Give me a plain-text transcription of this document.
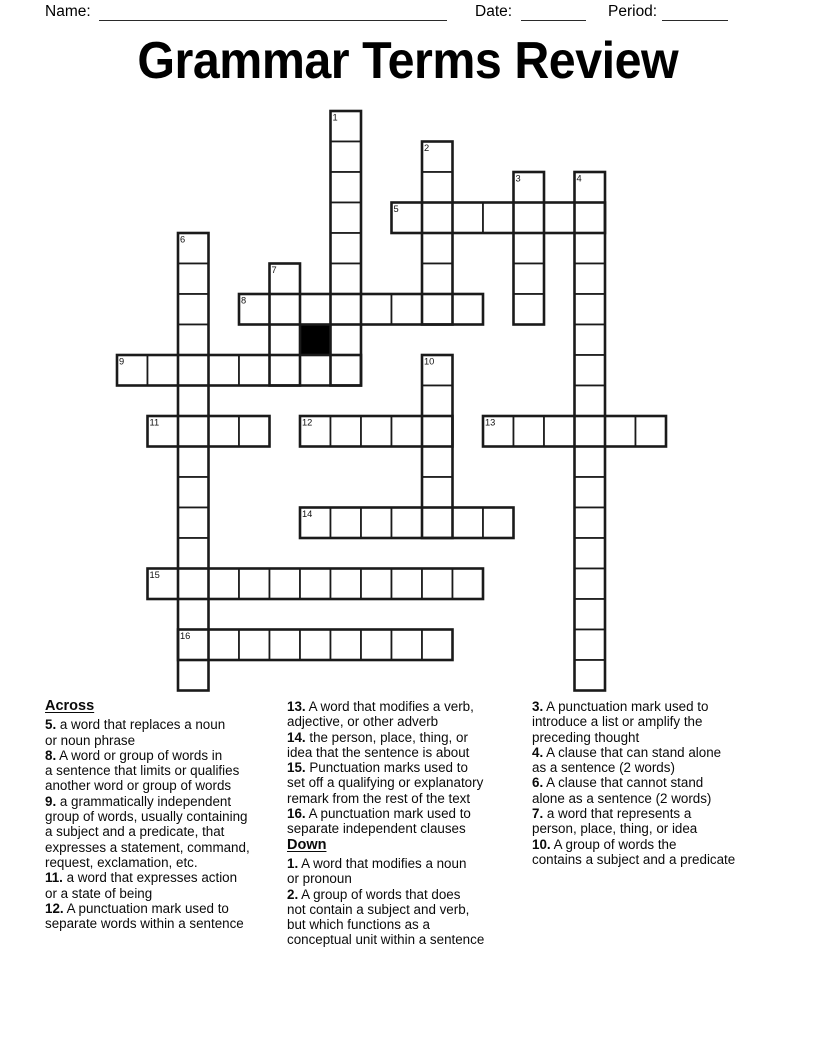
Name:	Date:	Period:
Grammar Terms Review
1
2
3	4
5
6
7
8
9	10
11	12	13
14
15
16
Across
5. a word that replaces a noun
or noun phrase
8. A word or group of words in
a sentence that limits or qualifies
another word or group of words
9. a grammatically independent
group of words, usually containing
a subject and a predicate, that
expresses a statement, command,
request, exclamation, etc.
11. a word that expresses action
or a state of being
12. A punctuation mark used to
separate words within a sentence
13. A word that modifies a verb,
adjective, or other adverb
14. the person, place, thing, or
idea that the sentence is about
15. Punctuation marks used to
set off a qualifying or explanatory
remark from the rest of the text
16. A punctuation mark used to
separate independent clauses
Down
1. A word that modifies a noun
or pronoun
2. A group of words that does
not contain a subject and verb,
but which functions as a
conceptual unit within a sentence
3. A punctuation mark used to
introduce a list or amplify the
preceding thought
4. A clause that can stand alone
as a sentence (2 words)
6. A clause that cannot stand
alone as a sentence (2 words)
7. a word that represents a
person, place, thing, or idea
10. A group of words the
contains a subject and a predicate
